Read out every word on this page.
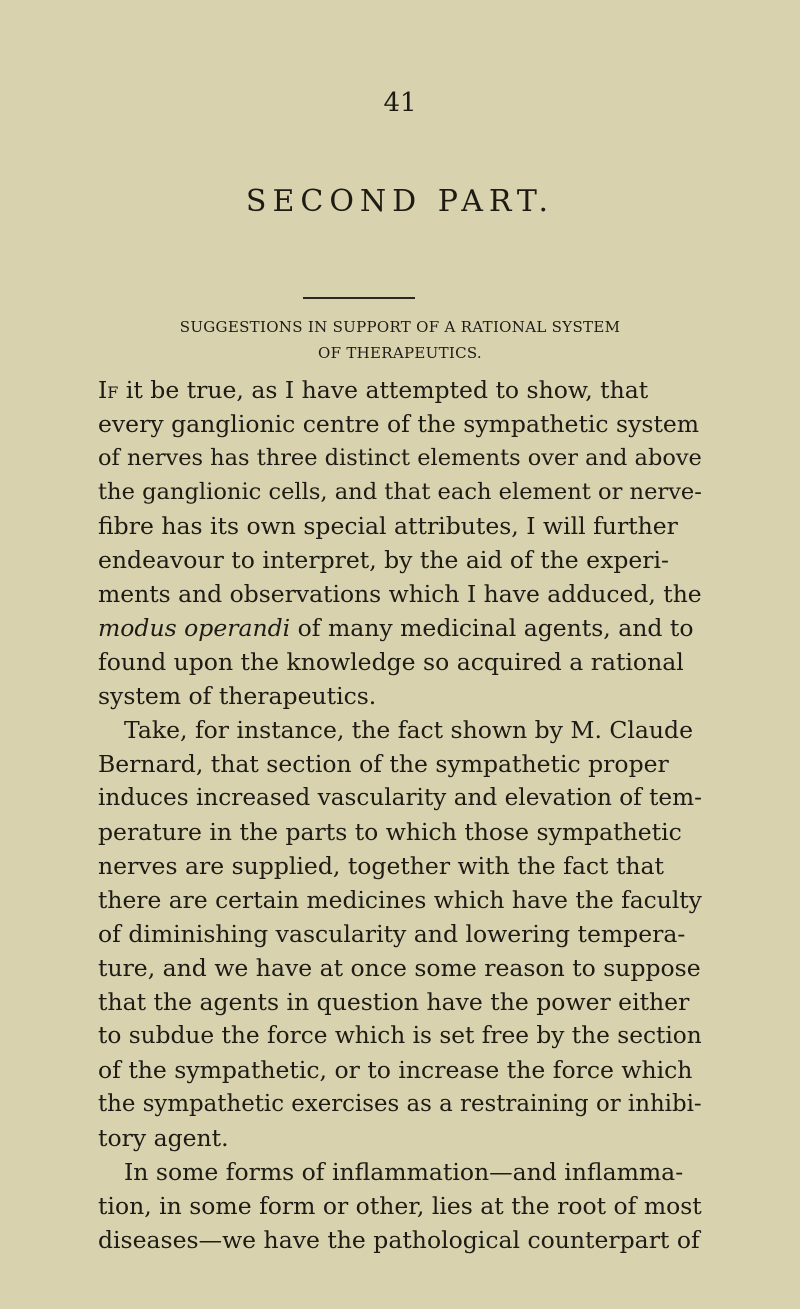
41
SECOND PART.
SUGGESTIONS IN SUPPORT OF A RATIONAL SYSTEM
OF THERAPEUTICS.
If it be true, as I have attempted to show, that
every ganglionic centre of the sympathetic system
of nerves has three distinct elements over and above
the ganglionic cells, and that each element or nerve-
fibre has its own special attributes, I will further
endeavour to interpret, by the aid of the experi-
ments and observations which I have adduced, the
modus operandi of many medicinal agents, and to
found upon the knowledge so acquired a rational
system of therapeutics.
Take, for instance, the fact shown by M. Claude
Bernard, that section of the sympathetic proper
induces increased vascularity and elevation of tem-
perature in the parts to which those sympathetic
nerves are supplied, together with the fact that
there are certain medicines which have the faculty
of diminishing vascularity and lowering tempera-
ture, and we have at once some reason to suppose
that the agents in question have the power either
to subdue the force which is set free by the section
of the sympathetic, or to increase the force which
the sympathetic exercises as a restraining or inhibi-
tory agent.
In some forms of inflammation—and inflamma-
tion, in some form or other, lies at the root of most
diseases—we have the pathological counterpart of
